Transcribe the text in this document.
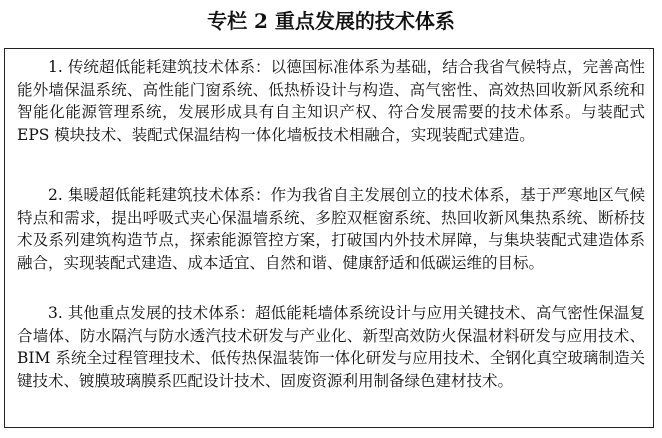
专栏 2 重点发展的技术体系

1. 传统超低能耗建筑技术体系：以德国标准体系为基础，结合我省气候特点，完善高性能外墙保温系统、高性能门窗系统、低热桥设计与构造、高气密性、高效热回收新风系统和智能化能源管理系统，发展形成具有自主知识产权、符合发展需要的技术体系。与装配式 EPS 模块技术、装配式保温结构一体化墙板技术相融合，实现装配式建造。

2. 集暖超低能耗建筑技术体系：作为我省自主发展创立的技术体系，基于严寒地区气候特点和需求，提出呼吸式夹心保温墙系统、多腔双框窗系统、热回收新风集热系统、断桥技术及系列建筑构造节点，探索能源管控方案，打破国内外技术屏障，与集块装配式建造体系融合，实现装配式建造、成本适宜、自然和谐、健康舒适和低碳运维的目标。

3. 其他重点发展的技术体系：超低能耗墙体系统设计与应用关键技术、高气密性保温复合墙体、防水隔汽与防水透汽技术研发与产业化、新型高效防火保温材料研发与应用技术、BIM 系统全过程管理技术、低传热保温装饰一体化研发与应用技术、全钢化真空玻璃制造关键技术、镀膜玻璃膜系匹配设计技术、固废资源利用制备绿色建材技术。
